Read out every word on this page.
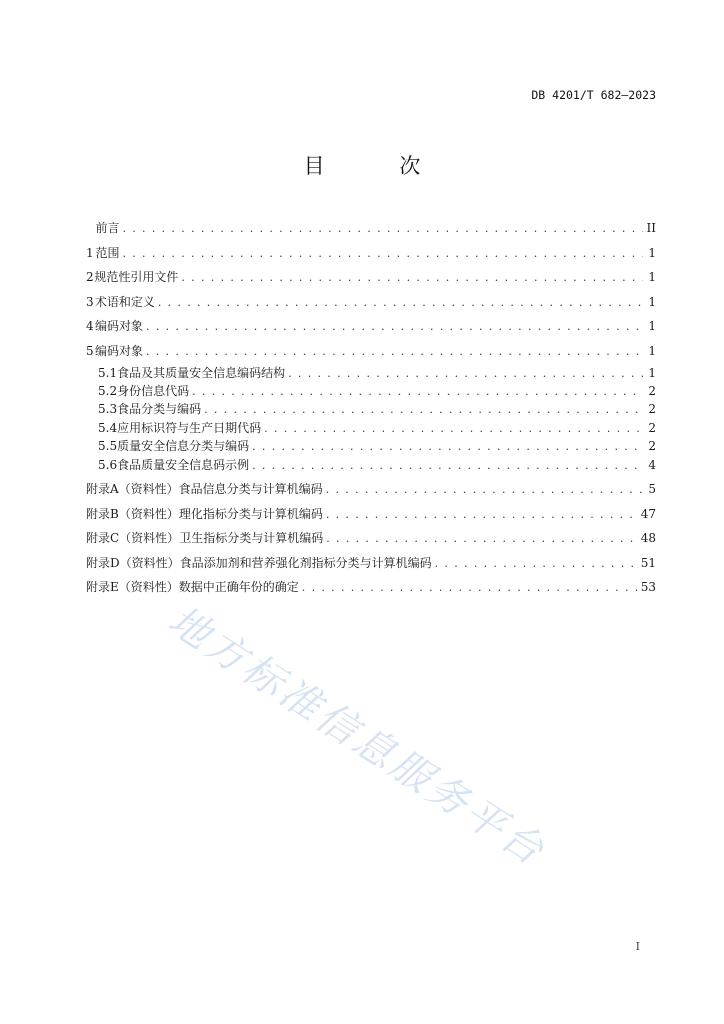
DB 4201/T 682—2023
目 次
前言 . . .	II
1 范围 . . .	1
2 规范性引用文件 . . .	1
3 术语和定义 . . .	1
4 编码对象 . . .	1
5 编码对象 . . .	1
5.1 食品及其质量安全信息编码结构 . . .	1
5.2 身份信息代码 . . .	2
5.3 食品分类与编码 . . .	2
5.4 应用标识符与生产日期代码 . . .	2
5.5 质量安全信息分类与编码 . . .	2
5.6 食品质量安全信息码示例 . . .	4
附录A（资料性） 食品信息分类与计算机编码 . . .	5
附录B（资料性） 理化指标分类与计算机编码 . . .	47
附录C（资料性） 卫生指标分类与计算机编码 . . .	48
附录D（资料性） 食品添加剂和营养强化剂指标分类与计算机编码 . . .	51
附录E（资料性） 数据中正确年份的确定 . . .	53
地方标准信息服务平台
I
